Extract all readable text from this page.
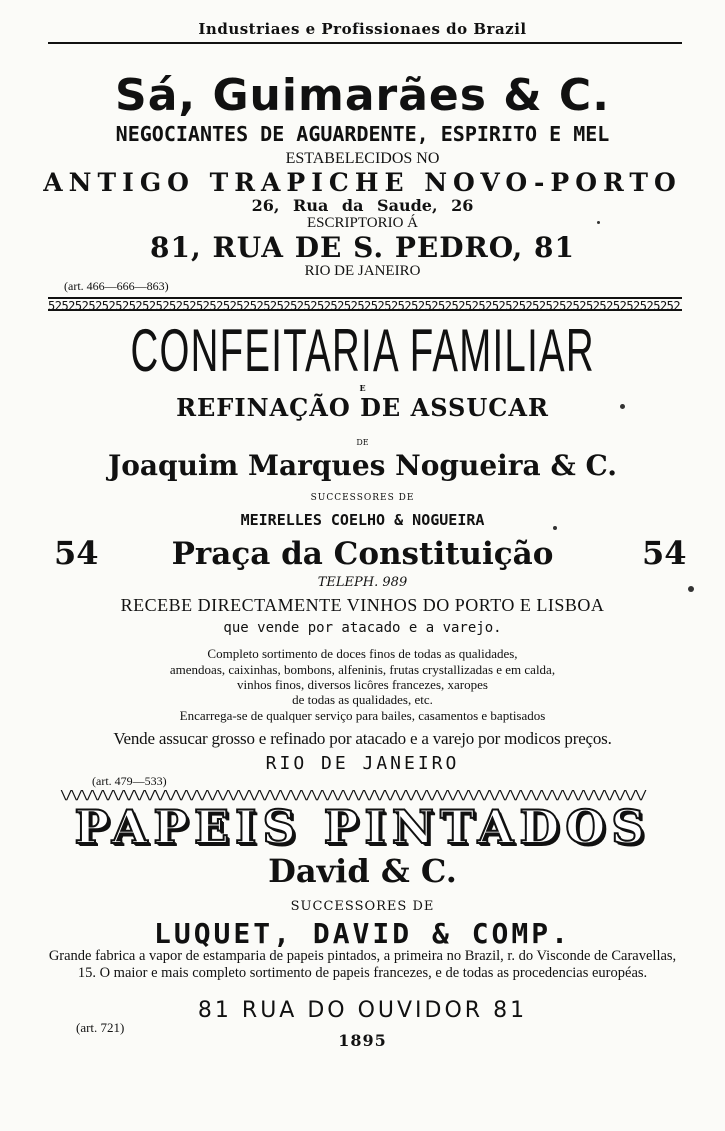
Industriaes e Profissionaes do Brazil
Sá, Guimarães & C.
NEGOCIANTES DE AGUARDENTE, ESPIRITO E MEL
ESTABELECIDOS NO
ANTIGO TRAPICHE NOVO-PORTO
26, Rua da Saude, 26
ESCRIPTORIO Á
81, RUA DE S. PEDRO, 81
RIO DE JANEIRO
(art. 466—666—863)
5252525252525252525252525252525252525252525252525252525252525252525252525252525252525252525252
CONFEITARIA FAMILIAR
E
REFINAÇÃO DE ASSUCAR
DE
Joaquim Marques Nogueira & C.
SUCCESSORES DE
MEIRELLES COELHO & NOGUEIRA
54	Praça da Constituição	54
TELEPH. 989
RECEBE DIRECTAMENTE VINHOS DO PORTO E LISBOA
que vende por atacado e a varejo.
Completo sortimento de doces finos de todas as qualidades,
amendoas, caixinhas, bombons, alfeninis, frutas crystallizadas e em calda,
vinhos finos, diversos licôres francezes, xaropes
de todas as qualidades, etc.
Encarrega-se de qualquer serviço para bailes, casamentos e baptisados
Vende assucar grosso e refinado por atacado e a varejo por modicos preços.
RIO DE JANEIRO
(art. 479—533)
\/\/\/\/\/\/\/\/\/\/\/\/\/\/\/\/\/\/\/\/\/\/\/\/\/\/\/\/\/\/\/\/\/\/\/\/\/\/\/\/\/\/\/\/\/\/\/\/\/\/\/\/\/\/\/\/
PAPEIS PINTADOS
David & C.
SUCCESSORES DE
LUQUET, DAVID & COMP.
Grande fabrica a vapor de estamparia de papeis pintados, a primeira no Brazil, r. do Visconde de Caravellas, 15. O maior e mais completo sortimento de papeis francezes, e de todas as procedencias européas.
81 RUA DO OUVIDOR 81
(art. 721)
1895
